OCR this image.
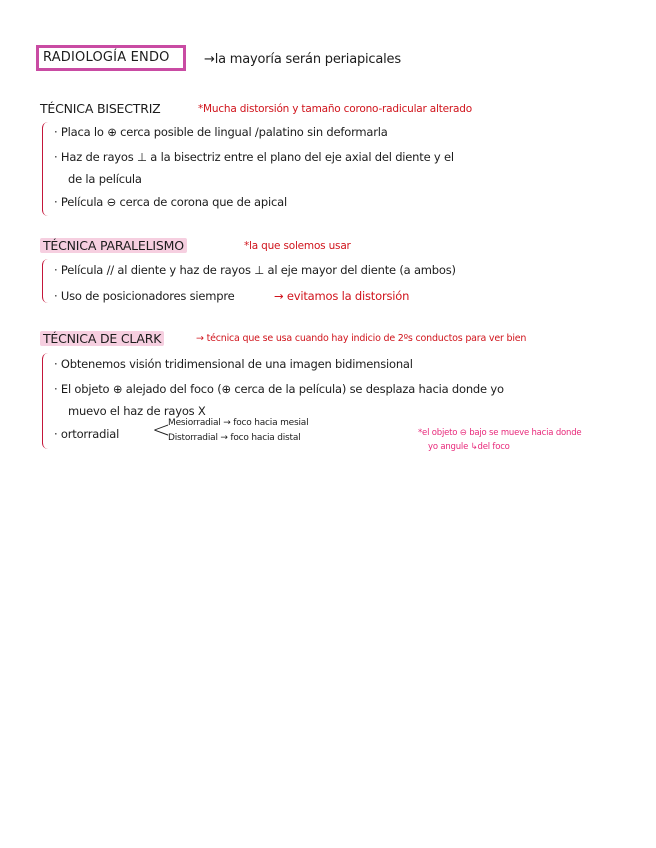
RADIOLOGÍA ENDO	→la mayoría serán periapicales
TÉCNICA BISECTRIZ	*Mucha distorsión y tamaño corono-radicular alterado
· Placa lo ⊕ cerca posible de lingual /palatino sin deformarla
· Haz de rayos ⊥ a la bisectriz entre el plano del eje axial del diente y el
de la película
· Película ⊖ cerca de corona que de apical
TÉCNICA PARALELISMO	*la que solemos usar
· Película // al diente y haz de rayos ⊥ al eje mayor del diente (a ambos)
· Uso de posicionadores siempre	→ evitamos la distorsión
TÉCNICA DE CLARK	→ técnica que se usa cuando hay indicio de 2ºs conductos para ver bien
· Obtenemos visión tridimensional de una imagen bidimensional
· El objeto ⊕ alejado del foco (⊕ cerca de la película) se desplaza hacia donde yo
muevo el haz de rayos X
· ortorradial <
Mesiorradial → foco hacia mesial
Distorradial → foco hacia distal	*el objeto ⊖ bajo se mueve hacia donde
yo angule ↳del foco
